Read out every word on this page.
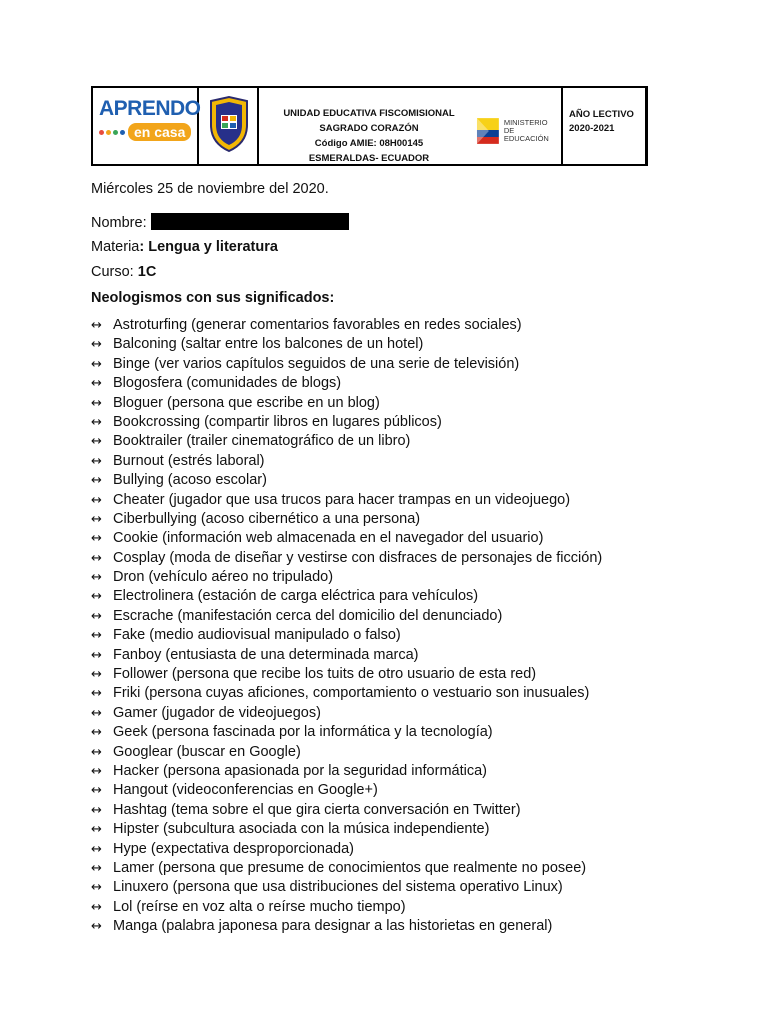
APRENDO
en casa
UNIDAD EDUCATIVA FISCOMISIONAL
SAGRADO CORAZÓN
Código AMIE: 08H00145
ESMERALDAS- ECUADOR
MINISTERIO
DE EDUCACIÓN
AÑO LECTIVO
2020-2021
Miércoles 25 de noviembre del 2020.
Nombre:
Materia: Lengua y literatura
Curso: 1C
Neologismos con sus significados:
↔ Astroturfing (generar comentarios favorables en redes sociales)
↔ Balconing (saltar entre los balcones de un hotel)
↔ Binge (ver varios capítulos seguidos de una serie de televisión)
↔ Blogosfera (comunidades de blogs)
↔ Bloguer (persona que escribe en un blog)
↔ Bookcrossing (compartir libros en lugares públicos)
↔ Booktrailer (trailer cinematográfico de un libro)
↔ Burnout (estrés laboral)
↔ Bullying (acoso escolar)
↔ Cheater (jugador que usa trucos para hacer trampas en un videojuego)
↔ Ciberbullying (acoso cibernético a una persona)
↔ Cookie (información web almacenada en el navegador del usuario)
↔ Cosplay (moda de diseñar y vestirse con disfraces de personajes de ficción)
↔ Dron (vehículo aéreo no tripulado)
↔ Electrolinera (estación de carga eléctrica para vehículos)
↔ Escrache (manifestación cerca del domicilio del denunciado)
↔ Fake (medio audiovisual manipulado o falso)
↔ Fanboy (entusiasta de una determinada marca)
↔ Follower (persona que recibe los tuits de otro usuario de esta red)
↔ Friki (persona cuyas aficiones, comportamiento o vestuario son inusuales)
↔ Gamer (jugador de videojuegos)
↔ Geek (persona fascinada por la informática y la tecnología)
↔ Googlear (buscar en Google)
↔ Hacker (persona apasionada por la seguridad informática)
↔ Hangout (videoconferencias en Google+)
↔ Hashtag (tema sobre el que gira cierta conversación en Twitter)
↔ Hipster (subcultura asociada con la música independiente)
↔ Hype (expectativa desproporcionada)
↔ Lamer (persona que presume de conocimientos que realmente no posee)
↔ Linuxero (persona que usa distribuciones del sistema operativo Linux)
↔ Lol (reírse en voz alta o reírse mucho tiempo)
↔ Manga (palabra japonesa para designar a las historietas en general)
